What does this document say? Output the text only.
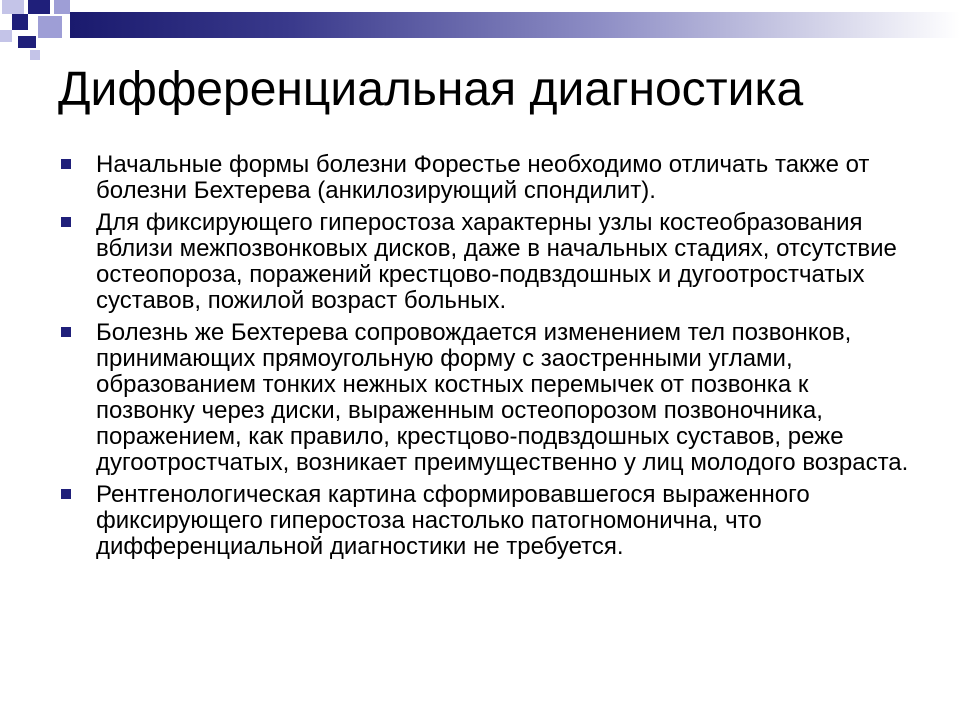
Дифференциальная диагностика
Начальные формы болезни Форестье необходимо отличать также от болезни Бехтерева (анкилозирующий спондилит).
Для фиксирующего гиперостоза характерны узлы костеобразования вблизи межпозвонковых дисков, даже в начальных стадиях, отсутствие остеопороза, поражений крестцово-подвздошных и дугоотростчатых суставов, пожилой возраст больных.
Болезнь же Бехтерева сопровождается изменением тел позвонков, принимающих прямоугольную форму с заостренными углами, образованием тонких нежных костных перемычек от позвонка к позвонку через диски, выраженным остеопорозом позвоночника, поражением, как правило, крестцово-подвздошных суставов, реже дугоотростчатых, возникает преимущественно у лиц молодого возраста.
Рентгенологическая картина сформировавшегося выраженного фиксирующего гиперостоза настолько патогномонична, что дифференциальной диагностики не требуется.
